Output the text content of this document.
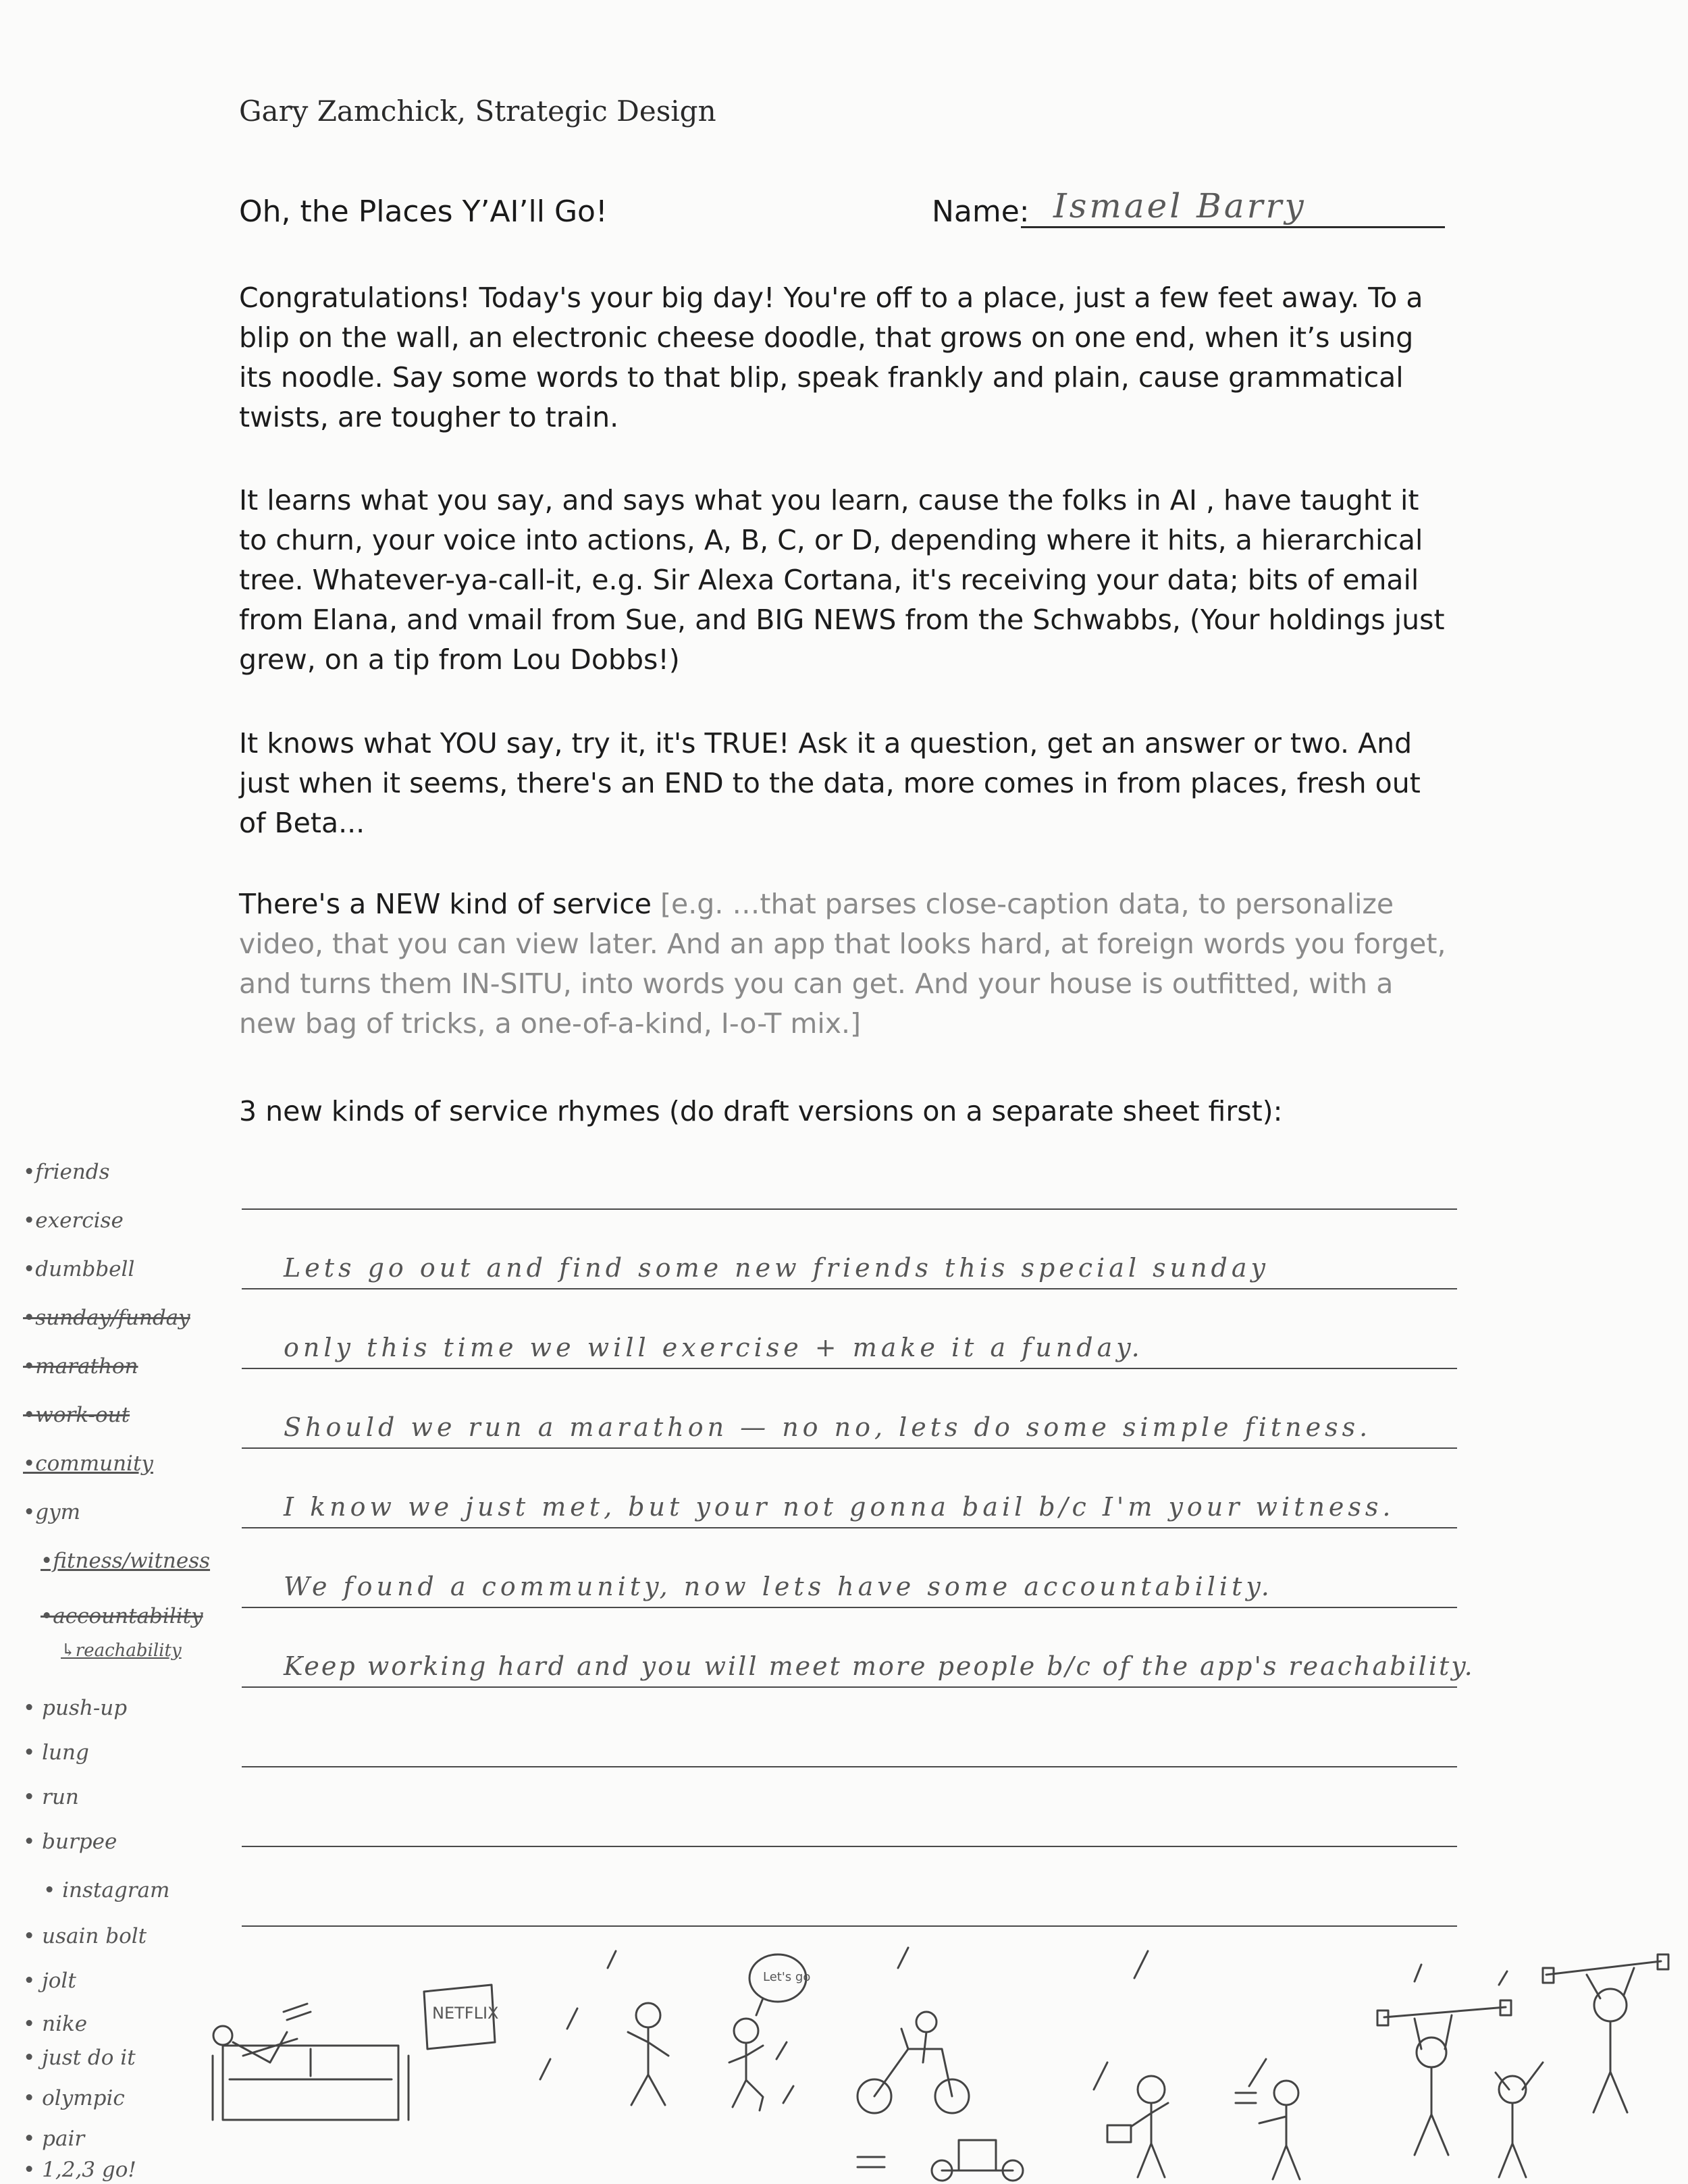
Gary Zamchick, Strategic Design
Oh, the Places Y’AI’ll Go!	Name: Ismael Barry
Congratulations! Today's your big day! You're off to a place, just a few feet away. To a blip on the wall, an electronic cheese doodle, that grows on one end, when it’s using its noodle. Say some words to that blip, speak frankly and plain, cause grammatical twists, are tougher to train.
It learns what you say, and says what you learn, cause the folks in AI , have taught it to churn, your voice into actions, A, B, C, or D, depending where it hits, a hierarchical tree. Whatever-ya-call-it, e.g. Sir Alexa Cortana, it's receiving your data; bits of email from Elana, and vmail from Sue, and BIG NEWS from the Schwabbs, (Your holdings just grew, on a tip from Lou Dobbs!)
It knows what YOU say, try it, it's TRUE! Ask it a question, get an answer or two. And just when it seems, there's an END to the data, more comes in from places, fresh out of Beta...
There's a NEW kind of service [e.g. …that parses close-caption data, to personalize video, that you can view later. And an app that looks hard, at foreign words you forget, and turns them IN-SITU, into words you can get. And your house is outfitted, with a new bag of tricks, a one-of-a-kind, I-o-T mix.]
3 new kinds of service rhymes (do draft versions on a separate sheet first):
Lets go out and find some new friends this special sunday
only this time we will exercise + make it a funday.
Should we run a marathon — no no, lets do some simple fitness.
I know we just met, but your not gonna bail b/c I'm your witness.
We found a community, now lets have some accountability.
Keep working hard and you will meet more people b/c of the app's reachability.
•friends
•exercise
•dumbbell
•sunday/funday
•marathon
•work-out
•community
•gym
•fitness/witness
•accountability
↳reachability
• push-up
• lung
• run
• burpee
• instagram
• usain bolt
• jolt
• nike
• just do it
• olympic
• pair
• 1,2,3 go!
NETFLIX
Let's go
